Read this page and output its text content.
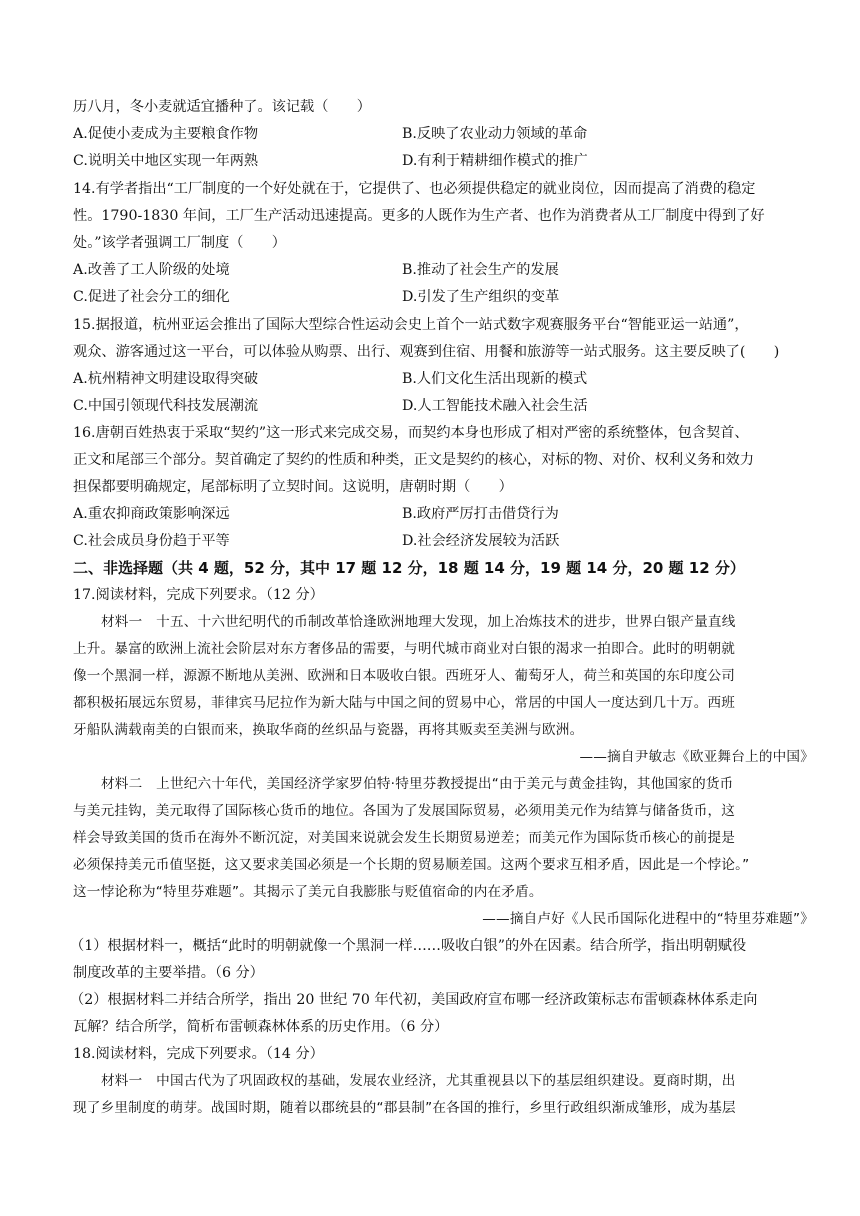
历八月，冬小麦就适宜播种了。该记载（　　）
A.促使小麦成为主要粮食作物	B.反映了农业动力领域的革命
C.说明关中地区实现一年两熟	D.有利于精耕细作模式的推广
14.有学者指出“工厂制度的一个好处就在于，它提供了、也必须提供稳定的就业岗位，因而提高了消费的稳定
性。1790-1830 年间，工厂生产活动迅速提高。更多的人既作为生产者、也作为消费者从工厂制度中得到了好
处。”该学者强调工厂制度（　　）
A.改善了工人阶级的处境	B.推动了社会生产的发展
C.促进了社会分工的细化	D.引发了生产组织的变革
15.据报道，杭州亚运会推出了国际大型综合性运动会史上首个一站式数字观赛服务平台“智能亚运一站通”，
观众、游客通过这一平台，可以体验从购票、出行、观赛到住宿、用餐和旅游等一站式服务。这主要反映了(　　)
A.杭州精神文明建设取得突破	B.人们文化生活出现新的模式
C.中国引领现代科技发展潮流	D.人工智能技术融入社会生活
16.唐朝百姓热衷于采取“契约”这一形式来完成交易，而契约本身也形成了相对严密的系统整体，包含契首、
正文和尾部三个部分。契首确定了契约的性质和种类，正文是契约的核心，对标的物、对价、权利义务和效力
担保都要明确规定，尾部标明了立契时间。这说明，唐朝时期（　　）
A.重农抑商政策影响深远	B.政府严厉打击借贷行为
C.社会成员身份趋于平等	D.社会经济发展较为活跃
二、非选择题（共 4 题，52 分，其中 17 题 12 分，18 题 14 分，19 题 14 分，20 题 12 分）
17.阅读材料，完成下列要求。（12 分）
材料一　十五、十六世纪明代的币制改革恰逢欧洲地理大发现，加上冶炼技术的进步，世界白银产量直线
上升。暴富的欧洲上流社会阶层对东方奢侈品的需要，与明代城市商业对白银的渴求一拍即合。此时的明朝就
像一个黑洞一样，源源不断地从美洲、欧洲和日本吸收白银。西班牙人、葡萄牙人，荷兰和英国的东印度公司
都积极拓展远东贸易，菲律宾马尼拉作为新大陆与中国之间的贸易中心，常居的中国人一度达到几十万。西班
牙船队满载南美的白银而来，换取华商的丝织品与瓷器，再将其贩卖至美洲与欧洲。
——摘自尹敏志《欧亚舞台上的中国》
材料二　上世纪六十年代，美国经济学家罗伯特·特里芬教授提出“由于美元与黄金挂钩，其他国家的货币
与美元挂钩，美元取得了国际核心货币的地位。各国为了发展国际贸易，必须用美元作为结算与储备货币，这
样会导致美国的货币在海外不断沉淀，对美国来说就会发生长期贸易逆差；而美元作为国际货币核心的前提是
必须保持美元币值坚挺，这又要求美国必须是一个长期的贸易顺差国。这两个要求互相矛盾，因此是一个悖论。”
这一悖论称为“特里芬难题”。其揭示了美元自我膨胀与贬值宿命的内在矛盾。
——摘自卢好《人民币国际化进程中的“特里芬难题”》
（1）根据材料一，概括“此时的明朝就像一个黑洞一样……吸收白银”的外在因素。结合所学，指出明朝赋役
制度改革的主要举措。（6 分）
（2）根据材料二并结合所学，指出 20 世纪 70 年代初，美国政府宣布哪一经济政策标志布雷顿森林体系走向
瓦解？结合所学，简析布雷顿森林体系的历史作用。（6 分）
18.阅读材料，完成下列要求。（14 分）
材料一　中国古代为了巩固政权的基础，发展农业经济，尤其重视县以下的基层组织建设。夏商时期，出
现了乡里制度的萌芽。战国时期，随着以郡统县的“郡县制”在各国的推行，乡里行政组织渐成雏形，成为基层
